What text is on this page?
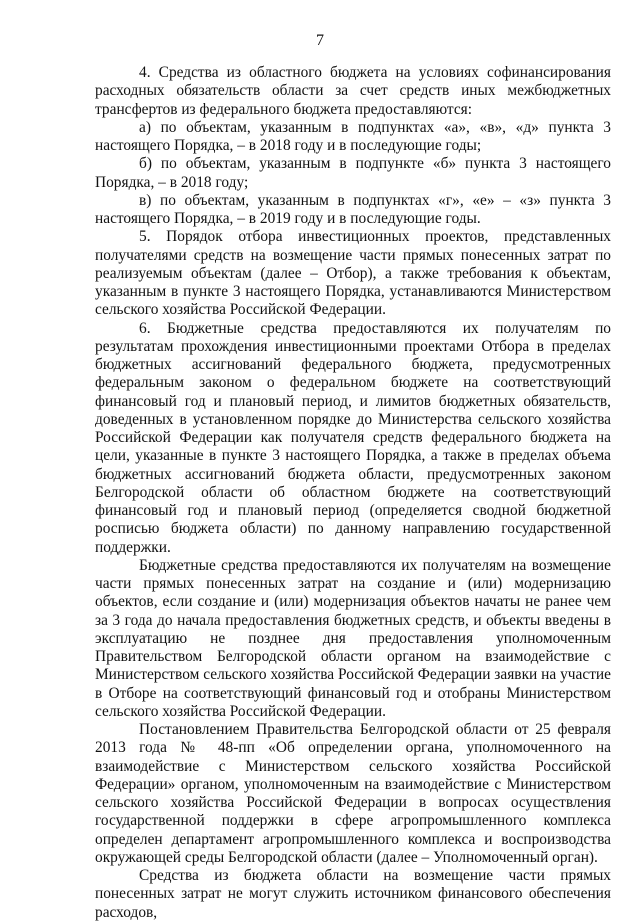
7

4. Средства из областного бюджета на условиях софинансирования расходных обязательств области за счет средств иных межбюджетных трансфертов из федерального бюджета предоставляются:

а) по объектам, указанным в подпунктах «а», «в», «д» пункта 3 настоящего Порядка, – в 2018 году и в последующие годы;

б) по объектам, указанным в подпункте «б» пункта 3 настоящего Порядка, – в 2018 году;

в) по объектам, указанным в подпунктах «г», «е» – «з» пункта 3 настоящего Порядка, – в 2019 году и в последующие годы.

5. Порядок отбора инвестиционных проектов, представленных получателями средств на возмещение части прямых понесенных затрат по реализуемым объектам (далее – Отбор), а также требования к объектам, указанным в пункте 3 настоящего Порядка, устанавливаются Министерством сельского хозяйства Российской Федерации.

6. Бюджетные средства предоставляются их получателям по результатам прохождения инвестиционными проектами Отбора в пределах бюджетных ассигнований федерального бюджета, предусмотренных федеральным законом о федеральном бюджете на соответствующий финансовый год и плановый период, и лимитов бюджетных обязательств, доведенных в установленном порядке до Министерства сельского хозяйства Российской Федерации как получателя средств федерального бюджета на цели, указанные в пункте 3 настоящего Порядка, а также в пределах объема бюджетных ассигнований бюджета области, предусмотренных законом Белгородской области об областном бюджете на соответствующий финансовый год и плановый период (определяется сводной бюджетной росписью бюджета области) по данному направлению государственной поддержки.

Бюджетные средства предоставляются их получателям на возмещение части прямых понесенных затрат на создание и (или) модернизацию объектов, если создание и (или) модернизация объектов начаты не ранее чем за 3 года до начала предоставления бюджетных средств, и объекты введены в эксплуатацию не позднее дня предоставления уполномоченным Правительством Белгородской области органом на взаимодействие с Министерством сельского хозяйства Российской Федерации заявки на участие в Отборе на соответствующий финансовый год и отобраны Министерством сельского хозяйства Российской Федерации.

Постановлением Правительства Белгородской области от 25 февраля 2013 года № 48-пп «Об определении органа, уполномоченного на взаимодействие с Министерством сельского хозяйства Российской Федерации» органом, уполномоченным на взаимодействие с Министерством сельского хозяйства Российской Федерации в вопросах осуществления государственной поддержки в сфере агропромышленного комплекса определен департамент агропромышленного комплекса и воспроизводства окружающей среды Белгородской области (далее – Уполномоченный орган).

Средства из бюджета области на возмещение части прямых понесенных затрат не могут служить источником финансового обеспечения расходов,
